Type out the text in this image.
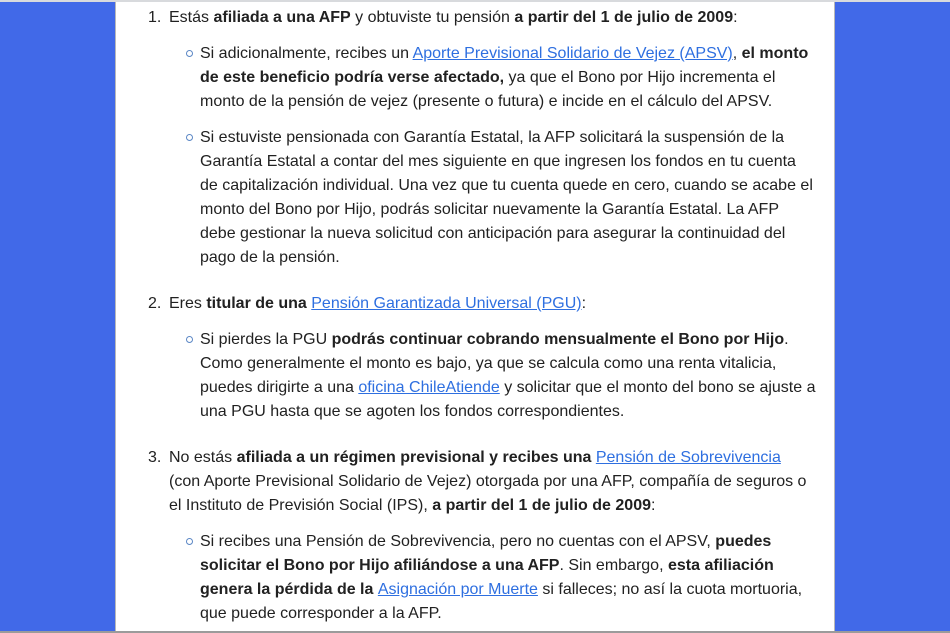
1. Estás afiliada a una AFP y obtuviste tu pensión a partir del 1 de julio de 2009:
Si adicionalmente, recibes un Aporte Previsional Solidario de Vejez (APSV), el monto de este beneficio podría verse afectado, ya que el Bono por Hijo incrementa el monto de la pensión de vejez (presente o futura) e incide en el cálculo del APSV.
Si estuviste pensionada con Garantía Estatal, la AFP solicitará la suspensión de la Garantía Estatal a contar del mes siguiente en que ingresen los fondos en tu cuenta de capitalización individual. Una vez que tu cuenta quede en cero, cuando se acabe el monto del Bono por Hijo, podrás solicitar nuevamente la Garantía Estatal. La AFP debe gestionar la nueva solicitud con anticipación para asegurar la continuidad del pago de la pensión.
2. Eres titular de una Pensión Garantizada Universal (PGU):
Si pierdes la PGU podrás continuar cobrando mensualmente el Bono por Hijo. Como generalmente el monto es bajo, ya que se calcula como una renta vitalicia, puedes dirigirte a una oficina ChileAtiende y solicitar que el monto del bono se ajuste a una PGU hasta que se agoten los fondos correspondientes.
3. No estás afiliada a un régimen previsional y recibes una Pensión de Sobrevivencia (con Aporte Previsional Solidario de Vejez) otorgada por una AFP, compañía de seguros o el Instituto de Previsión Social (IPS), a partir del 1 de julio de 2009:
Si recibes una Pensión de Sobrevivencia, pero no cuentas con el APSV, puedes solicitar el Bono por Hijo afiliándose a una AFP. Sin embargo, esta afiliación genera la pérdida de la Asignación por Muerte si falleces; no así la cuota mortuoria, que puede corresponder a la AFP.
